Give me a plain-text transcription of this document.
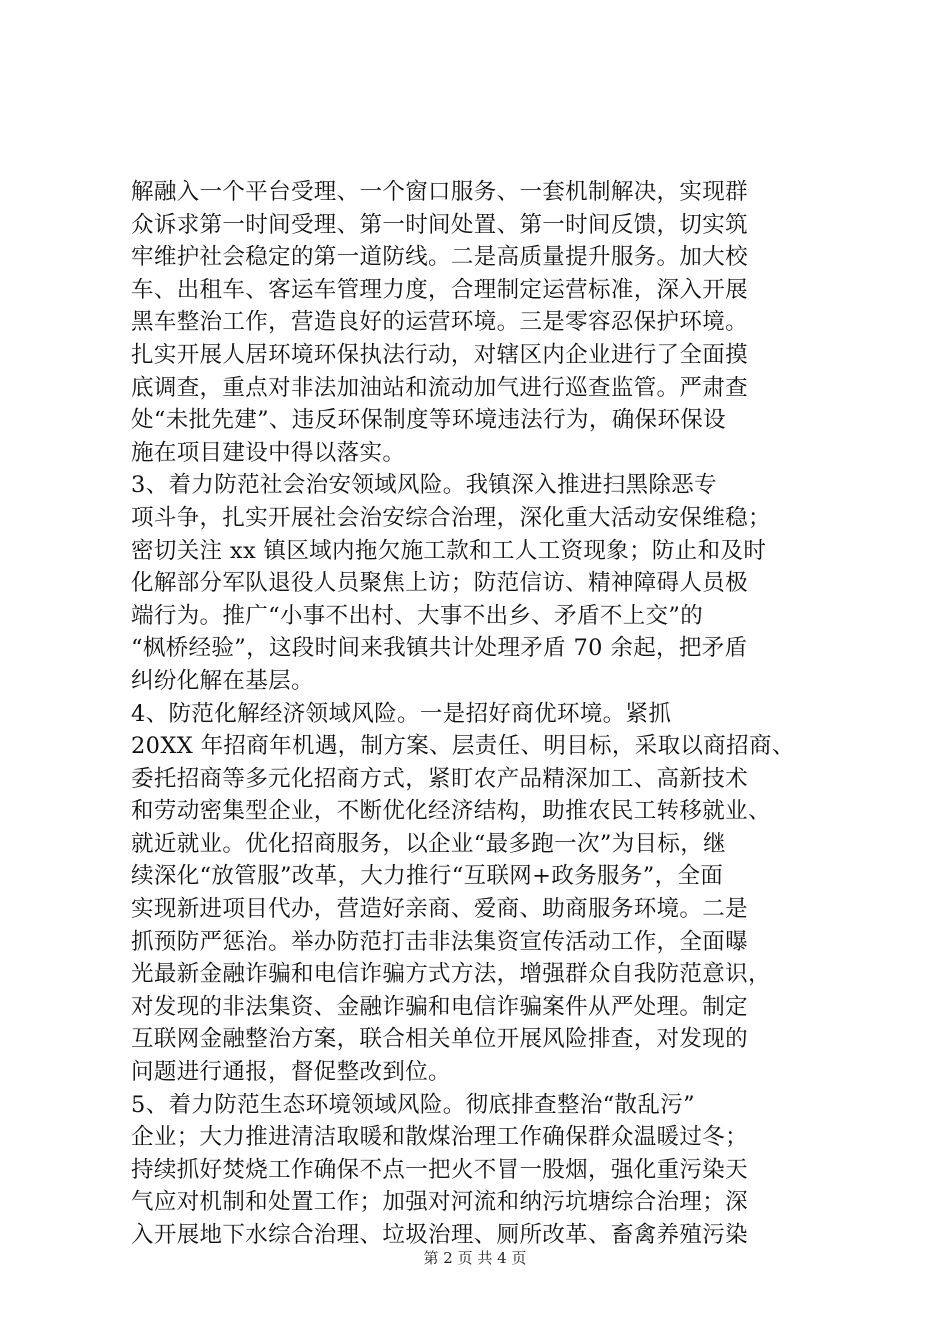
解融入一个平台受理、一个窗口服务、一套机制解决，实现群
众诉求第一时间受理、第一时间处置、第一时间反馈，切实筑
牢维护社会稳定的第一道防线。二是高质量提升服务。加大校
车、出租车、客运车管理力度，合理制定运营标准，深入开展
黑车整治工作，营造良好的运营环境。三是零容忍保护环境。
扎实开展人居环境环保执法行动，对辖区内企业进行了全面摸
底调查，重点对非法加油站和流动加气进行巡查监管。严肃查
处“未批先建”、违反环保制度等环境违法行为，确保环保设
施在项目建设中得以落实。
3、着力防范社会治安领域风险。我镇深入推进扫黑除恶专
项斗争，扎实开展社会治安综合治理，深化重大活动安保维稳；
密切关注 xx 镇区域内拖欠施工款和工人工资现象；防止和及时
化解部分军队退役人员聚焦上访；防范信访、精神障碍人员极
端行为。推广“小事不出村、大事不出乡、矛盾不上交”的
“枫桥经验”，这段时间来我镇共计处理矛盾 70 余起，把矛盾
纠纷化解在基层。
4、防范化解经济领域风险。一是招好商优环境。紧抓
20XX 年招商年机遇，制方案、层责任、明目标，采取以商招商、
委托招商等多元化招商方式，紧盯农产品精深加工、高新技术
和劳动密集型企业，不断优化经济结构，助推农民工转移就业、
就近就业。优化招商服务，以企业“最多跑一次”为目标，继
续深化“放管服”改革，大力推行“互联网+政务服务”，全面
实现新进项目代办，营造好亲商、爱商、助商服务环境。二是
抓预防严惩治。举办防范打击非法集资宣传活动工作，全面曝
光最新金融诈骗和电信诈骗方式方法，增强群众自我防范意识，
对发现的非法集资、金融诈骗和电信诈骗案件从严处理。制定
互联网金融整治方案，联合相关单位开展风险排查，对发现的
问题进行通报，督促整改到位。
5、着力防范生态环境领域风险。彻底排查整治“散乱污”
企业；大力推进清洁取暖和散煤治理工作确保群众温暖过冬；
持续抓好焚烧工作确保不点一把火不冒一股烟，强化重污染天
气应对机制和处置工作；加强对河流和纳污坑塘综合治理；深
入开展地下水综合治理、垃圾治理、厕所改革、畜禽养殖污染
第 2 页 共 4 页
